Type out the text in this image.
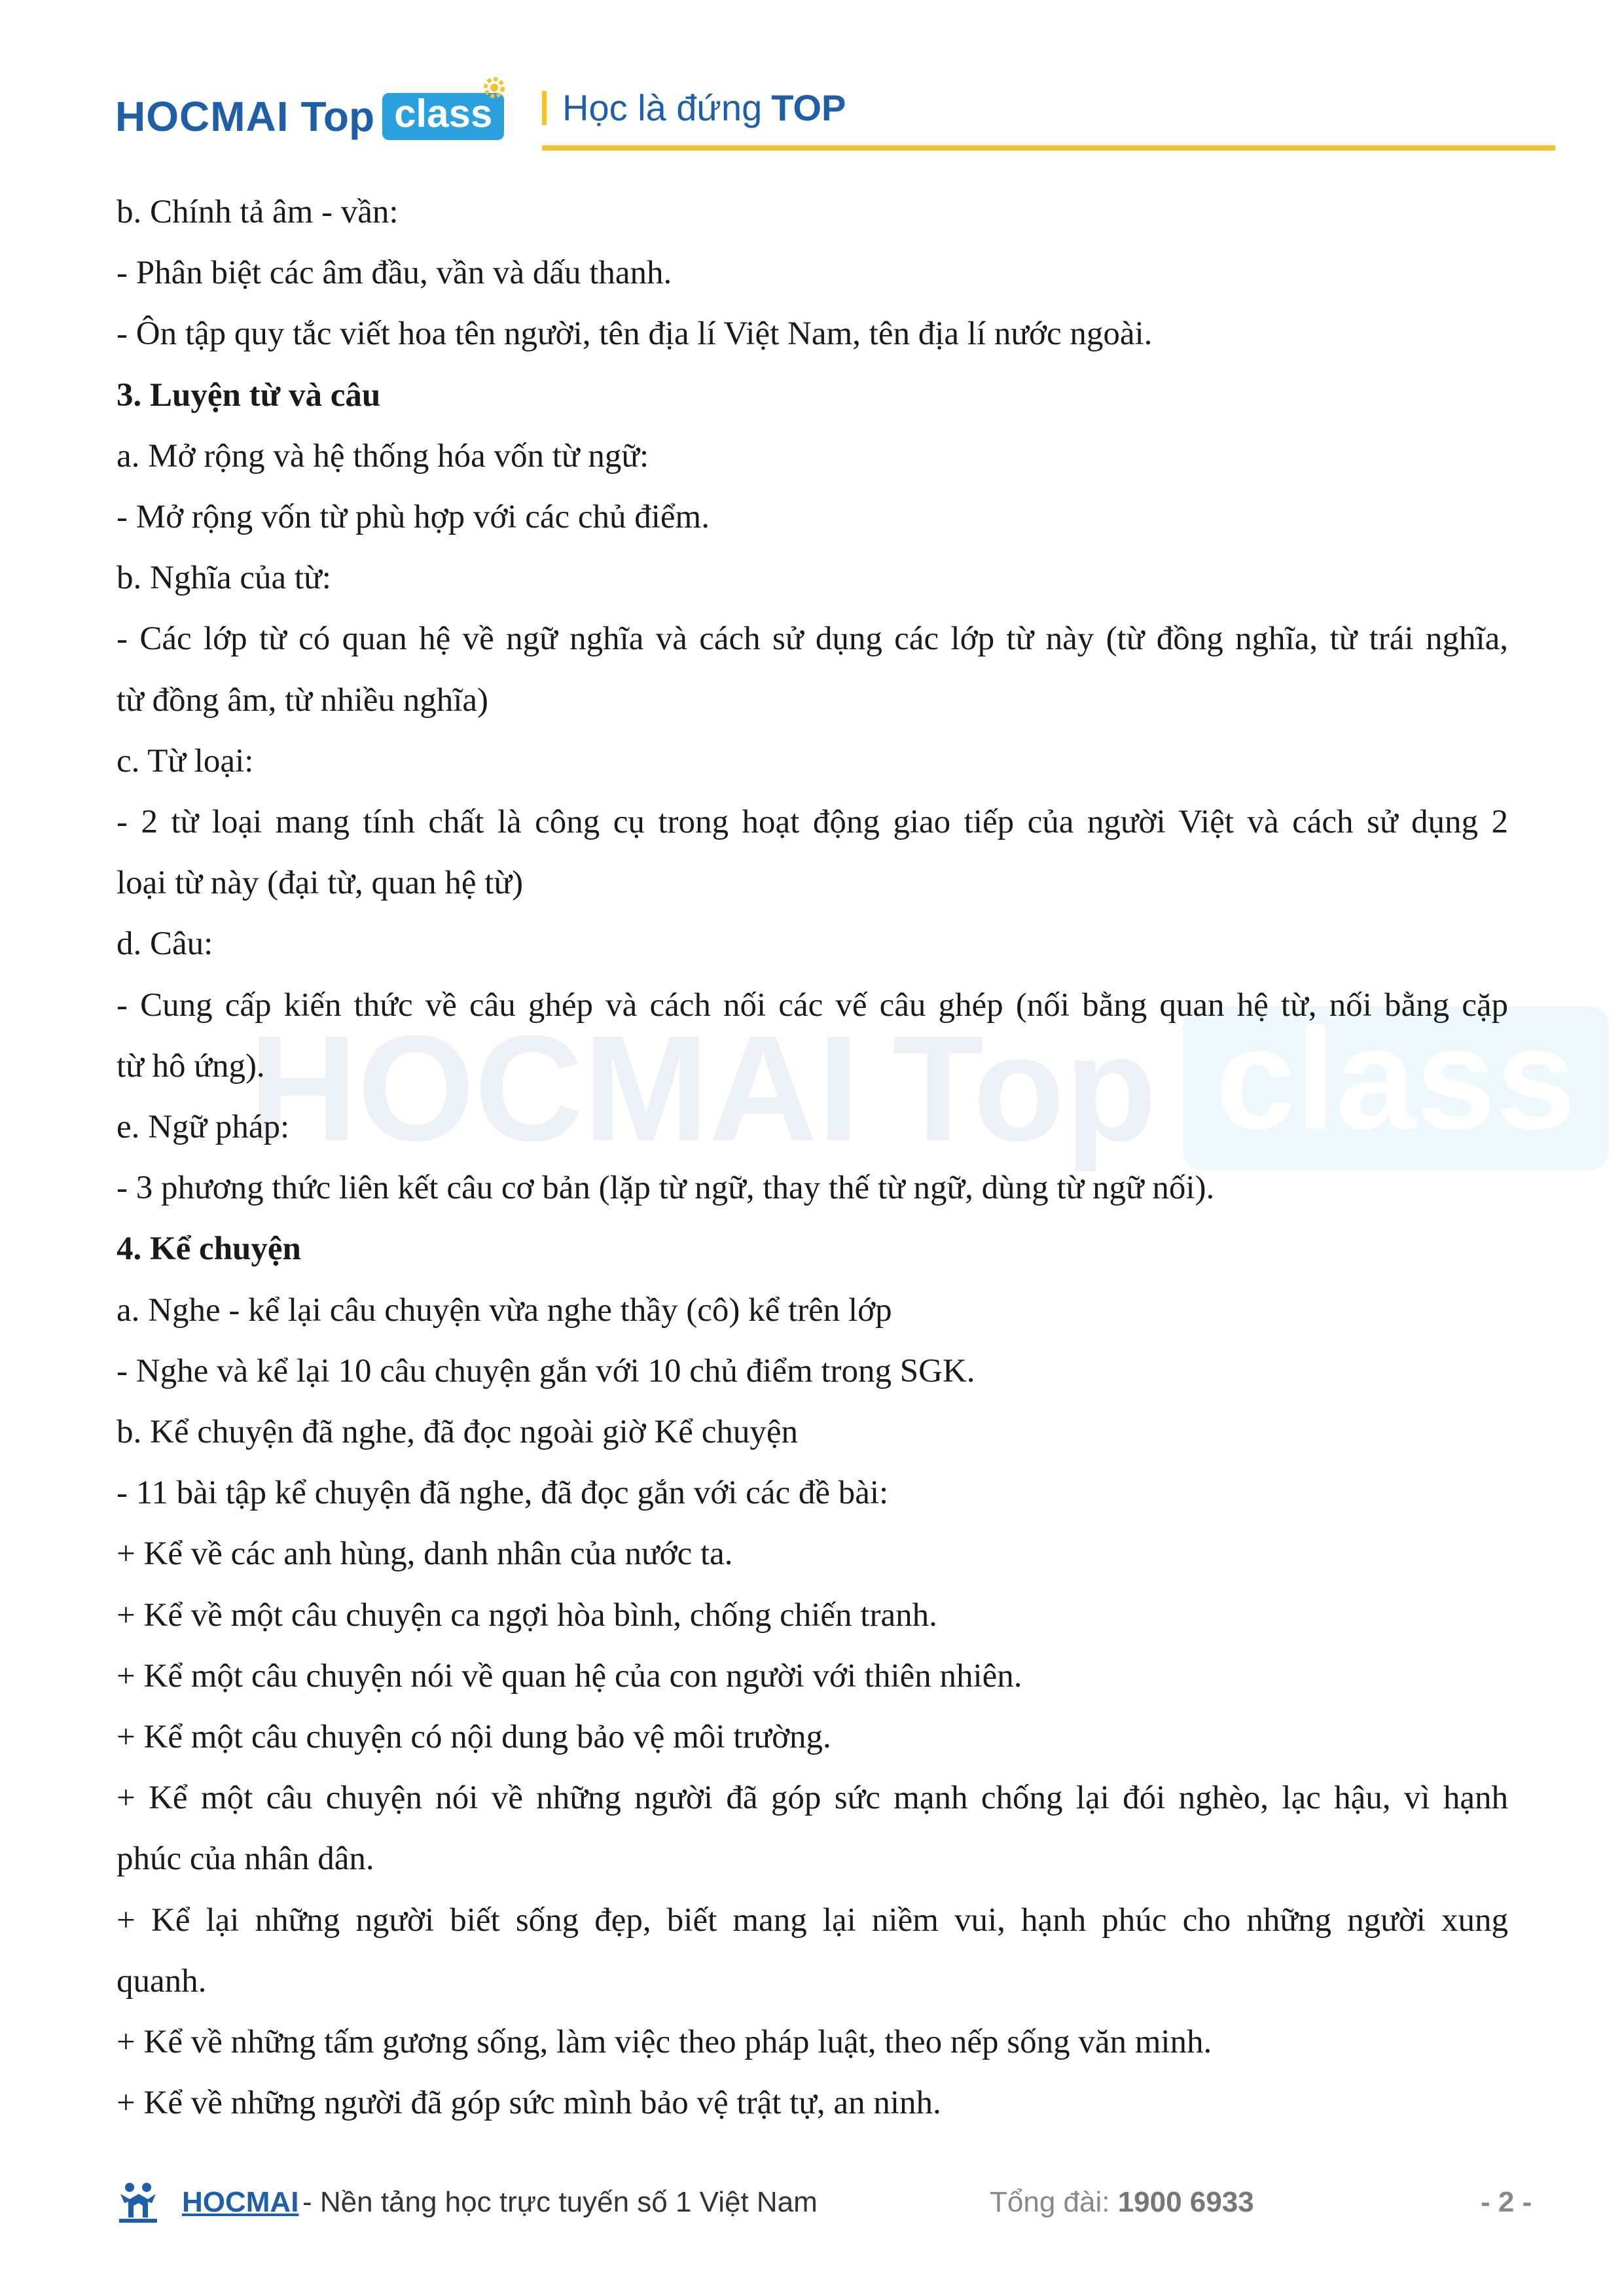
HOCMAI Top class	Học là đứng TOP
HOCMAI Top class
b. Chính tả âm - vần:
- Phân biệt các âm đầu, vần và dấu thanh.
- Ôn tập quy tắc viết hoa tên người, tên địa lí Việt Nam, tên địa lí nước ngoài.
3. Luyện từ và câu
a. Mở rộng và hệ thống hóa vốn từ ngữ:
- Mở rộng vốn từ phù hợp với các chủ điểm.
b. Nghĩa của từ:
- Các lớp từ có quan hệ về ngữ nghĩa và cách sử dụng các lớp từ này (từ đồng nghĩa, từ trái nghĩa,
từ đồng âm, từ nhiều nghĩa)
c. Từ loại:
- 2 từ loại mang tính chất là công cụ trong hoạt động giao tiếp của người Việt và cách sử dụng 2
loại từ này (đại từ, quan hệ từ)
d. Câu:
- Cung cấp kiến thức về câu ghép và cách nối các vế câu ghép (nối bằng quan hệ từ, nối bằng cặp
từ hô ứng).
e. Ngữ pháp:
- 3 phương thức liên kết câu cơ bản (lặp từ ngữ, thay thế từ ngữ, dùng từ ngữ nối).
4. Kể chuyện
a. Nghe - kể lại câu chuyện vừa nghe thầy (cô) kể trên lớp
- Nghe và kể lại 10 câu chuyện gắn với 10 chủ điểm trong SGK.
b. Kể chuyện đã nghe, đã đọc ngoài giờ Kể chuyện
- 11 bài tập kể chuyện đã nghe, đã đọc gắn với các đề bài:
+ Kể về các anh hùng, danh nhân của nước ta.
+ Kể về một câu chuyện ca ngợi hòa bình, chống chiến tranh.
+ Kể một câu chuyện nói về quan hệ của con người với thiên nhiên.
+ Kể một câu chuyện có nội dung bảo vệ môi trường.
+ Kể một câu chuyện nói về những người đã góp sức mạnh chống lại đói nghèo, lạc hậu, vì hạnh
phúc của nhân dân.
+ Kể lại những người biết sống đẹp, biết mang lại niềm vui, hạnh phúc cho những người xung
quanh.
+ Kể về những tấm gương sống, làm việc theo pháp luật, theo nếp sống văn minh.
+ Kể về những người đã góp sức mình bảo vệ trật tự, an ninh.
HOCMAI - Nền tảng học trực tuyến số 1 Việt Nam	Tổng đài: 1900 6933	- 2 -
